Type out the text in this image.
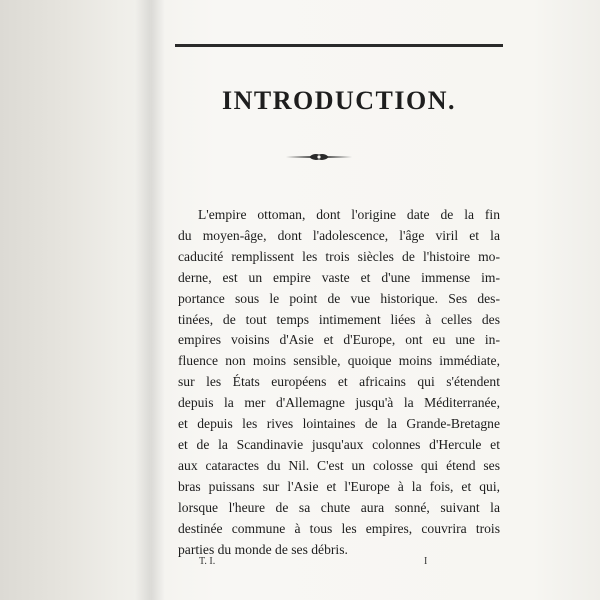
INTRODUCTION.
L'empire ottoman, dont l'origine date de la fin
du moyen-âge, dont l'adolescence, l'âge viril et la
caducité remplissent les trois siècles de l'histoire mo-
derne, est un empire vaste et d'une immense im-
portance sous le point de vue historique. Ses des-
tinées, de tout temps intimement liées à celles des
empires voisins d'Asie et d'Europe, ont eu une in-
fluence non moins sensible, quoique moins immédiate,
sur les États européens et africains qui s'étendent
depuis la mer d'Allemagne jusqu'à la Méditerranée,
et depuis les rives lointaines de la Grande-Bretagne
et de la Scandinavie jusqu'aux colonnes d'Hercule et
aux cataractes du Nil. C'est un colosse qui étend ses
bras puissans sur l'Asie et l'Europe à la fois, et qui,
lorsque l'heure de sa chute aura sonné, suivant la
destinée commune à tous les empires, couvrira trois
parties du monde de ses débris.
T. I.	I
